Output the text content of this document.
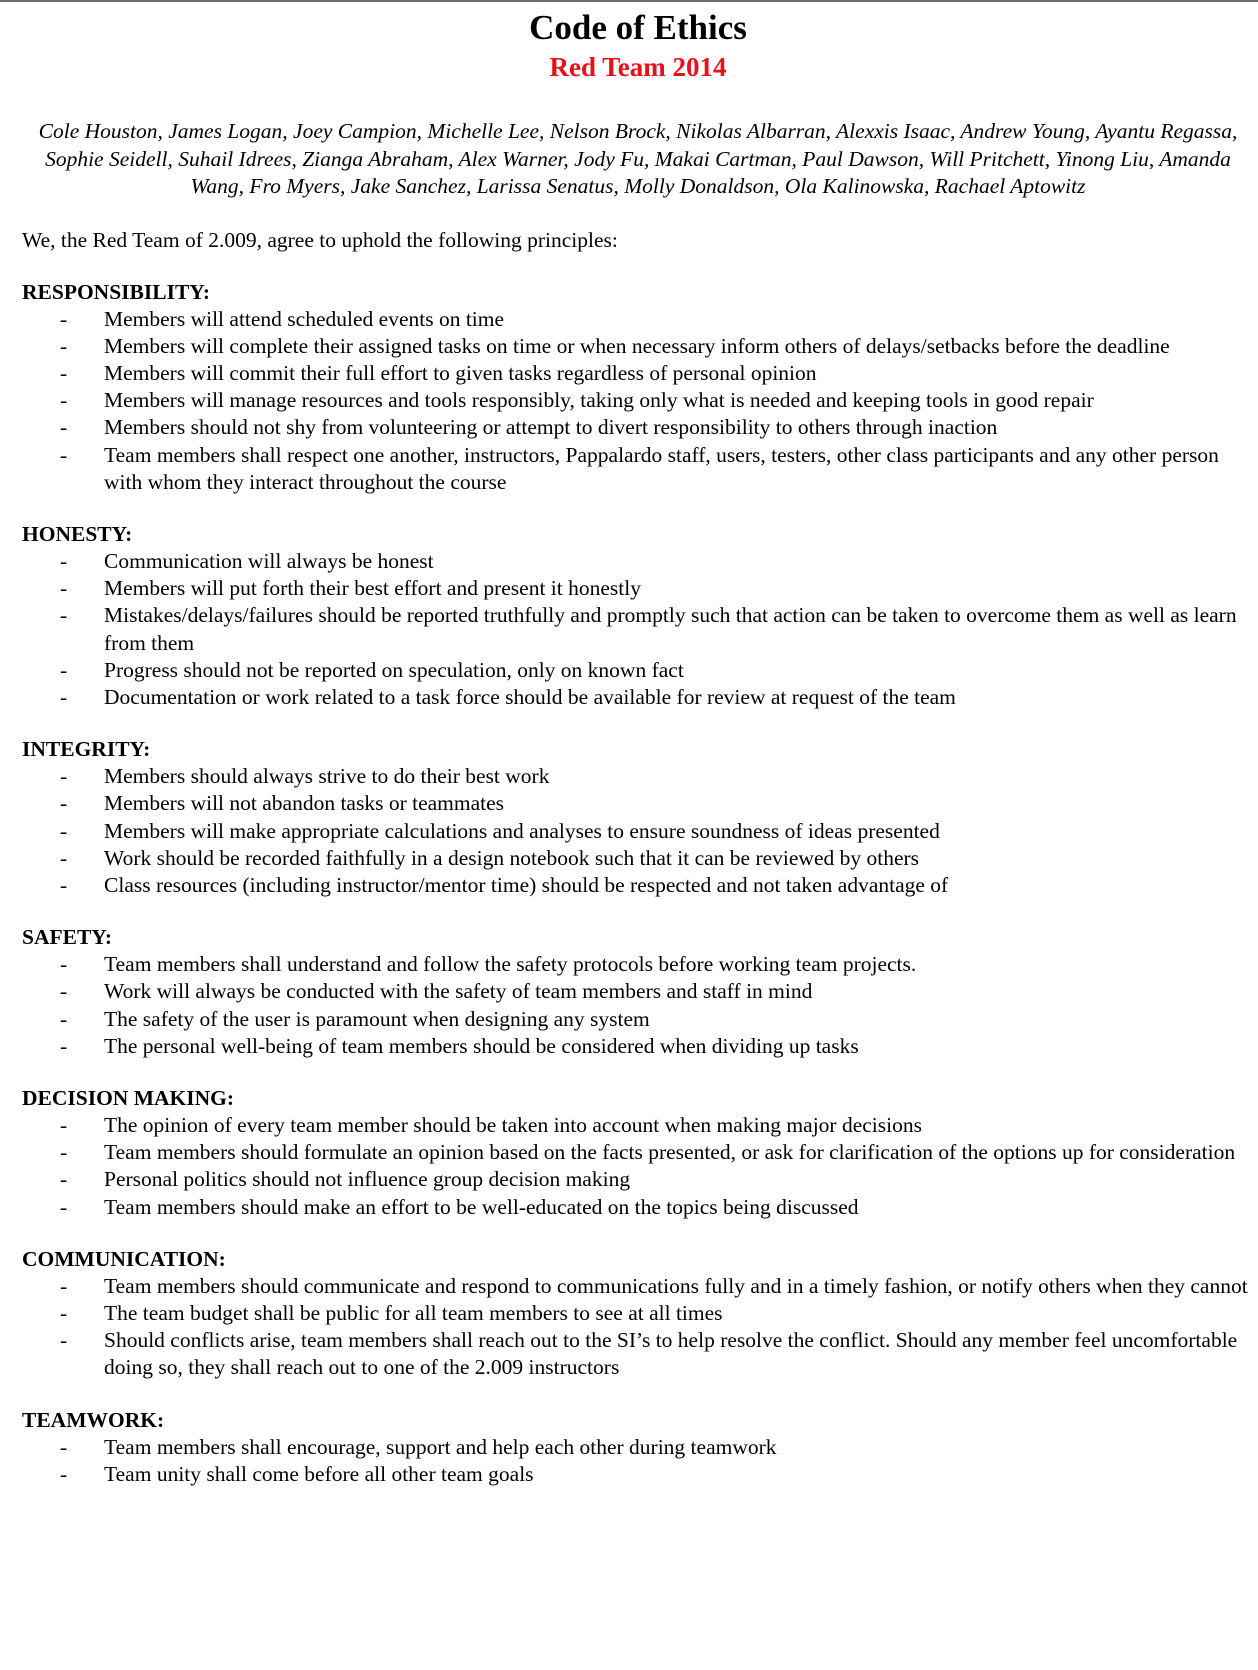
Code of Ethics
Red Team 2014

Cole Houston, James Logan, Joey Campion, Michelle Lee, Nelson Brock, Nikolas Albarran, Alexxis Isaac, Andrew Young, Ayantu Regassa, Sophie Seidell, Suhail Idrees, Zianga Abraham, Alex Warner, Jody Fu, Makai Cartman, Paul Dawson, Will Pritchett, Yinong Liu, Amanda Wang, Fro Myers, Jake Sanchez, Larissa Senatus, Molly Donaldson, Ola Kalinowska, Rachael Aptowitz

We, the Red Team of 2.009, agree to uphold the following principles:

RESPONSIBILITY:
- Members will attend scheduled events on time
- Members will complete their assigned tasks on time or when necessary inform others of delays/setbacks before the deadline
- Members will commit their full effort to given tasks regardless of personal opinion
- Members will manage resources and tools responsibly, taking only what is needed and keeping tools in good repair
- Members should not shy from volunteering or attempt to divert responsibility to others through inaction
- Team members shall respect one another, instructors, Pappalardo staff, users, testers, other class participants and any other person with whom they interact throughout the course
HONESTY:
- Communication will always be honest
- Members will put forth their best effort and present it honestly
- Mistakes/delays/failures should be reported truthfully and promptly such that action can be taken to overcome them as well as learn from them
- Progress should not be reported on speculation, only on known fact
- Documentation or work related to a task force should be available for review at request of the team
INTEGRITY:
- Members should always strive to do their best work
- Members will not abandon tasks or teammates
- Members will make appropriate calculations and analyses to ensure soundness of ideas presented
- Work should be recorded faithfully in a design notebook such that it can be reviewed by others
- Class resources (including instructor/mentor time) should be respected and not taken advantage of
SAFETY:
- Team members shall understand and follow the safety protocols before working team projects.
- Work will always be conducted with the safety of team members and staff in mind
- The safety of the user is paramount when designing any system
- The personal well-being of team members should be considered when dividing up tasks
DECISION MAKING:
- The opinion of every team member should be taken into account when making major decisions
- Team members should formulate an opinion based on the facts presented, or ask for clarification of the options up for consideration
- Personal politics should not influence group decision making
- Team members should make an effort to be well-educated on the topics being discussed
COMMUNICATION:
- Team members should communicate and respond to communications fully and in a timely fashion, or notify others when they cannot
- The team budget shall be public for all team members to see at all times
- Should conflicts arise, team members shall reach out to the SI’s to help resolve the conflict. Should any member feel uncomfortable doing so, they shall reach out to one of the 2.009 instructors
TEAMWORK:
- Team members shall encourage, support and help each other during teamwork
- Team unity shall come before all other team goals
